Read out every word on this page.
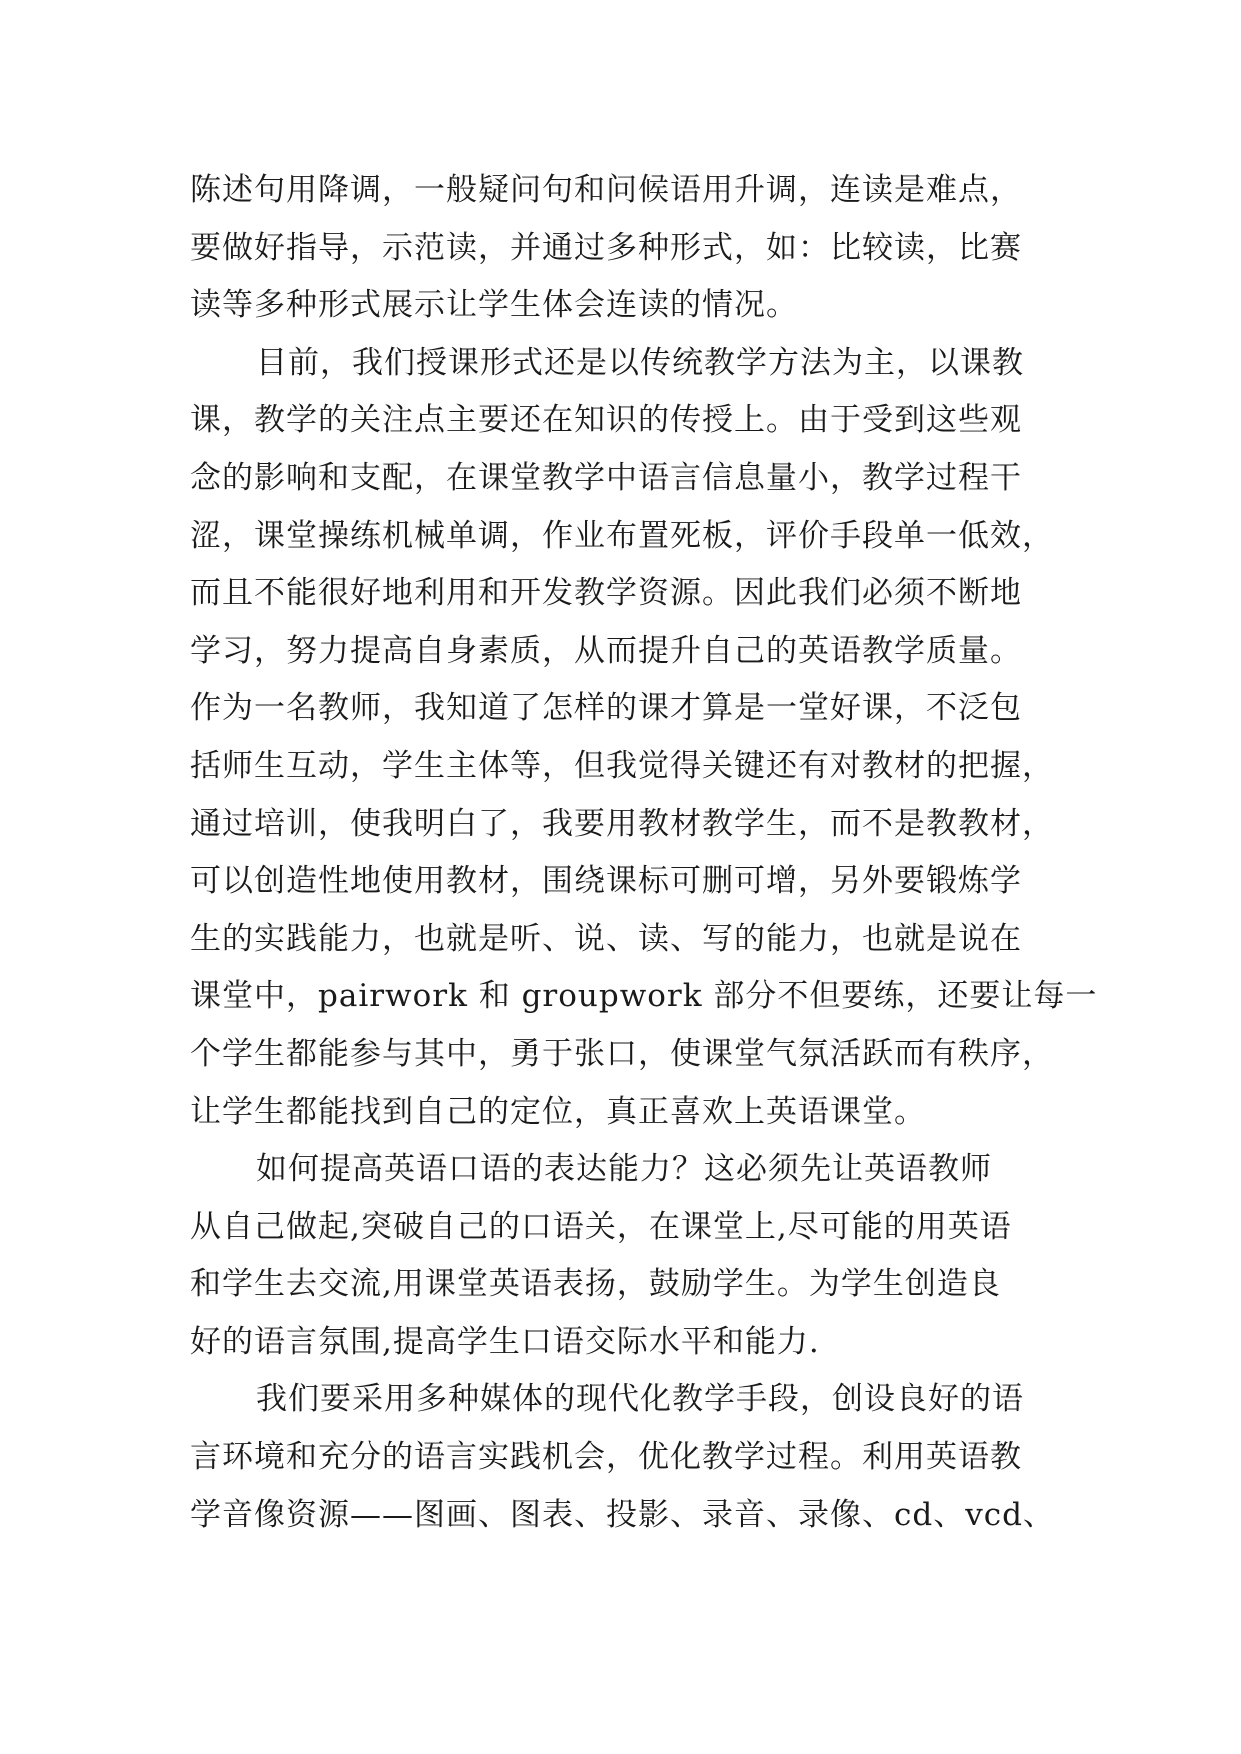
陈述句用降调，一般疑问句和问候语用升调，连读是难点，
要做好指导，示范读，并通过多种形式，如：比较读，比赛
读等多种形式展示让学生体会连读的情况。
目前，我们授课形式还是以传统教学方法为主，以课教
课，教学的关注点主要还在知识的传授上。由于受到这些观
念的影响和支配，在课堂教学中语言信息量小，教学过程干
涩，课堂操练机械单调，作业布置死板，评价手段单一低效，
而且不能很好地利用和开发教学资源。因此我们必须不断地
学习，努力提高自身素质，从而提升自己的英语教学质量。
作为一名教师，我知道了怎样的课才算是一堂好课，不泛包
括师生互动，学生主体等，但我觉得关键还有对教材的把握，
通过培训，使我明白了，我要用教材教学生，而不是教教材，
可以创造性地使用教材，围绕课标可删可增，另外要锻炼学
生的实践能力，也就是听、说、读、写的能力，也就是说在
课堂中，pairwork 和 groupwork 部分不但要练，还要让每一
个学生都能参与其中，勇于张口，使课堂气氛活跃而有秩序，
让学生都能找到自己的定位，真正喜欢上英语课堂。
如何提高英语口语的表达能力？这必须先让英语教师
从自己做起,突破自己的口语关，在课堂上,尽可能的用英语
和学生去交流,用课堂英语表扬，鼓励学生。为学生创造良
好的语言氛围,提高学生口语交际水平和能力.
我们要采用多种媒体的现代化教学手段，创设良好的语
言环境和充分的语言实践机会，优化教学过程。利用英语教
学音像资源——图画、图表、投影、录音、录像、cd、vcd、
